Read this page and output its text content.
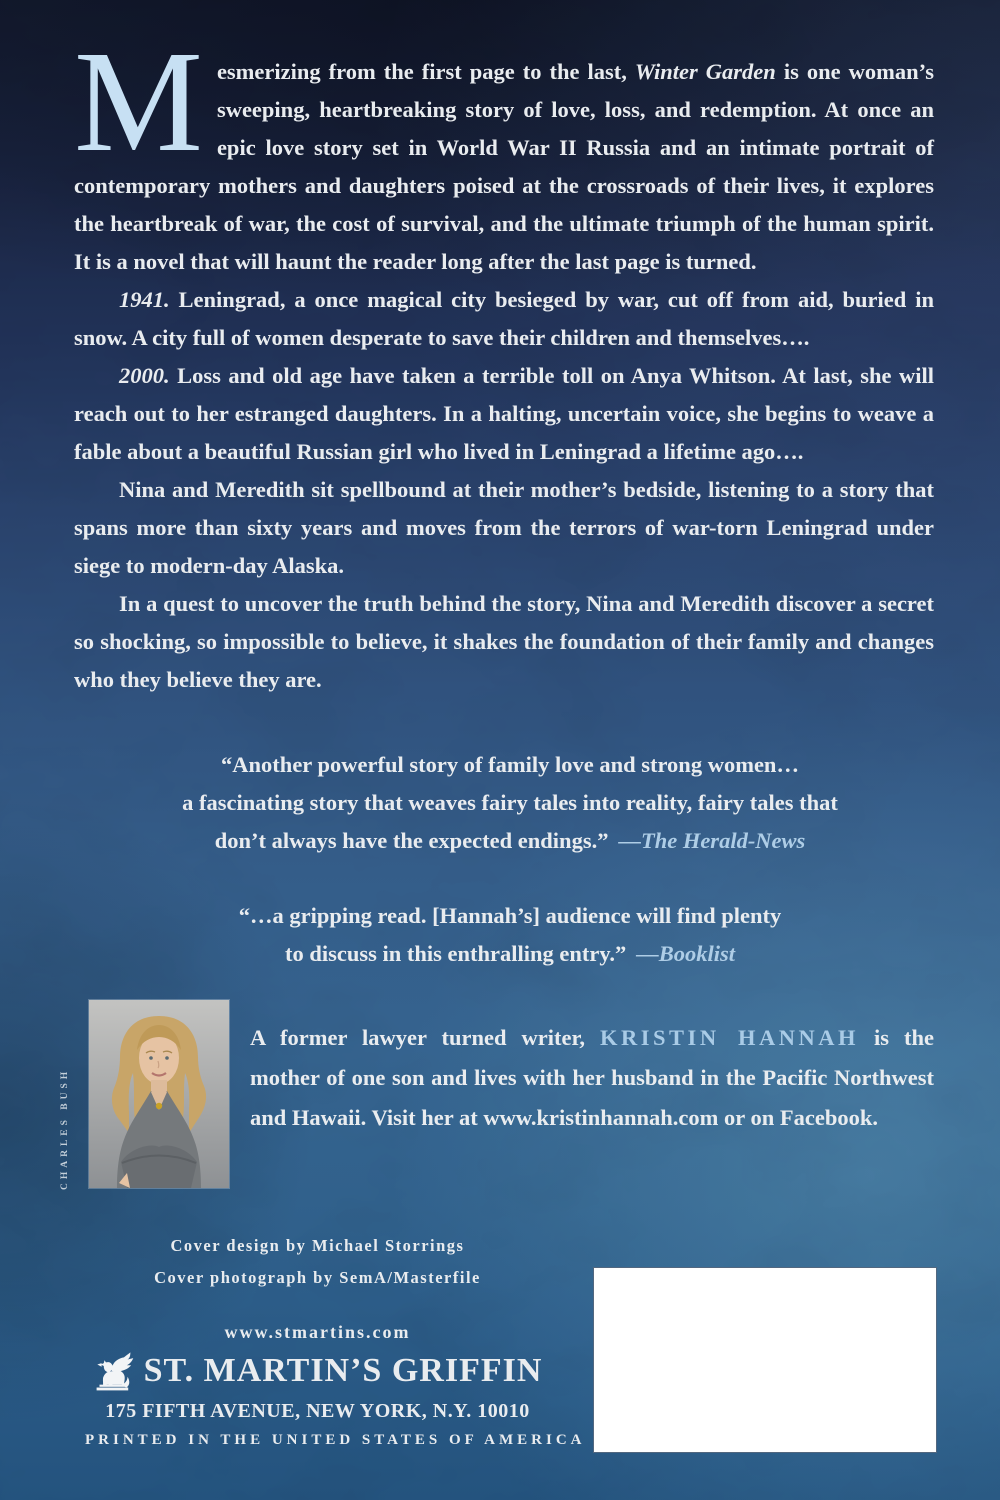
Mesmerizing from the first page to the last, Winter Garden is one woman’s sweeping, heartbreaking story of love, loss, and redemption. At once an epic love story set in World War II Russia and an intimate portrait of contemporary mothers and daughters poised at the crossroads of their lives, it explores the heartbreak of war, the cost of survival, and the ultimate triumph of the human spirit. It is a novel that will haunt the reader long after the last page is turned.

1941. Leningrad, a once magical city besieged by war, cut off from aid, buried in snow. A city full of women desperate to save their children and themselves….

2000. Loss and old age have taken a terrible toll on Anya Whitson. At last, she will reach out to her estranged daughters. In a halting, uncertain voice, she begins to weave a fable about a beautiful Russian girl who lived in Leningrad a lifetime ago….

Nina and Meredith sit spellbound at their mother’s bedside, listening to a story that spans more than sixty years and moves from the terrors of war-torn Leningrad under siege to modern-day Alaska.

In a quest to uncover the truth behind the story, Nina and Meredith discover a secret so shocking, so impossible to believe, it shakes the foundation of their family and changes who they believe they are.

“Another powerful story of family love and strong women…
a fascinating story that weaves fairy tales into reality, fairy tales that
don’t always have the expected endings.” —The Herald-News
“…a gripping read. [Hannah’s] audience will find plenty
to discuss in this enthralling entry.” —Booklist
CHARLES BUSH

A former lawyer turned writer, KRISTIN HANNAH is the mother of one son and lives with her husband in the Pacific Northwest and Hawaii. Visit her at www.kristinhannah.com or on Facebook.

Cover design by Michael Storrings
Cover photograph by SemA/Masterfile
www.stmartins.com
ST. MARTIN’S GRIFFIN
175 FIFTH AVENUE, NEW YORK, N.Y. 10010
PRINTED IN THE UNITED STATES OF AMERICA
